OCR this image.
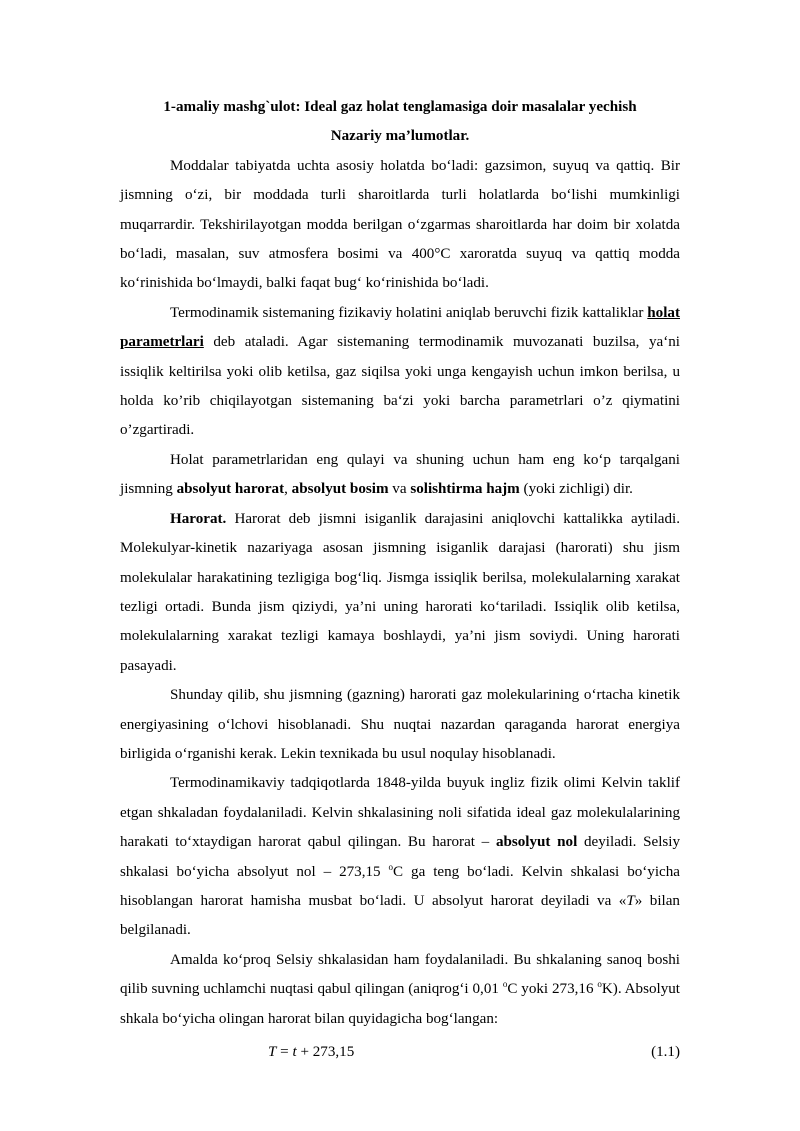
1-amaliy mashg`ulot: Ideal gaz holat tenglamasiga doir masalalar yechish
Nazariy ma’lumotlar.

Moddalar tabiyatda uchta asosiy holatda bo‘ladi: gazsimon, suyuq va qattiq. Bir jismning o‘zi, bir moddada turli sharoitlarda turli holatlarda bo‘lishi mumkinligi muqarrardir. Tekshirilayotgan modda berilgan o‘zgarmas sharoitlarda har doim bir xolatda bo‘ladi, masalan, suv atmosfera bosimi va 400°C xaroratda suyuq va qattiq modda ko‘rinishida bo‘lmaydi, balki faqat bug‘ ko‘rinishida bo‘ladi.

Termodinamik sistemaning fizikaviy holatini aniqlab beruvchi fizik kattaliklar holat parametrlari deb ataladi. Agar sistemaning termodinamik muvozanati buzilsa, ya‘ni issiqlik keltirilsa yoki olib ketilsa, gaz siqilsa yoki unga kengayish uchun imkon berilsa, u holda ko’rib chiqilayotgan sistemaning ba‘zi yoki barcha parametrlari o’z qiymatini o’zgartiradi.

Holat parametrlaridan eng qulayi va shuning uchun ham eng ko‘p tarqalgani jismning absolyut harorat, absolyut bosim va solishtirma hajm (yoki zichligi) dir.

Harorat. Harorat deb jismni isiganlik darajasini aniqlovchi kattalikka aytiladi. Molekulyar-kinetik nazariyaga asosan jismning isiganlik darajasi (harorati) shu jism molekulalar harakatining tezligiga bog‘liq. Jismga issiqlik berilsa, molekulalarning xarakat tezligi ortadi. Bunda jism qiziydi, ya’ni uning harorati ko‘tariladi. Issiqlik olib ketilsa, molekulalarning xarakat tezligi kamaya boshlaydi, ya’ni jism soviydi. Uning harorati pasayadi.

Shunday qilib, shu jismning (gazning) harorati gaz molekularining o‘rtacha kinetik energiyasining o‘lchovi hisoblanadi. Shu nuqtai nazardan qaraganda harorat energiya birligida o‘rganishi kerak. Lekin texnikada bu usul noqulay hisoblanadi.

Termodinamikaviy tadqiqotlarda 1848-yilda buyuk ingliz fizik olimi Kelvin taklif etgan shkaladan foydalaniladi. Kelvin shkalasining noli sifatida ideal gaz molekulalarining harakati to‘xtaydigan harorat qabul qilingan. Bu harorat – absolyut nol deyiladi. Selsiy shkalasi bo‘yicha absolyut nol – 273,15 $^o$C ga teng bo‘ladi. Kelvin shkalasi bo‘yicha hisoblangan harorat hamisha musbat bo‘ladi. U absolyut harorat deyiladi va «T» bilan belgilanadi.

Amalda ko‘proq Selsiy shkalasidan ham foydalaniladi. Bu shkalaning sanoq boshi qilib suvning uchlamchi nuqtasi qabul qilingan (aniqrog‘i 0,01 $^o$C yoki 273,16 $^o$K). Absolyut shkala bo‘yicha olingan harorat bilan quyidagicha bog‘langan:

T = t + 273,15	(1.1)
